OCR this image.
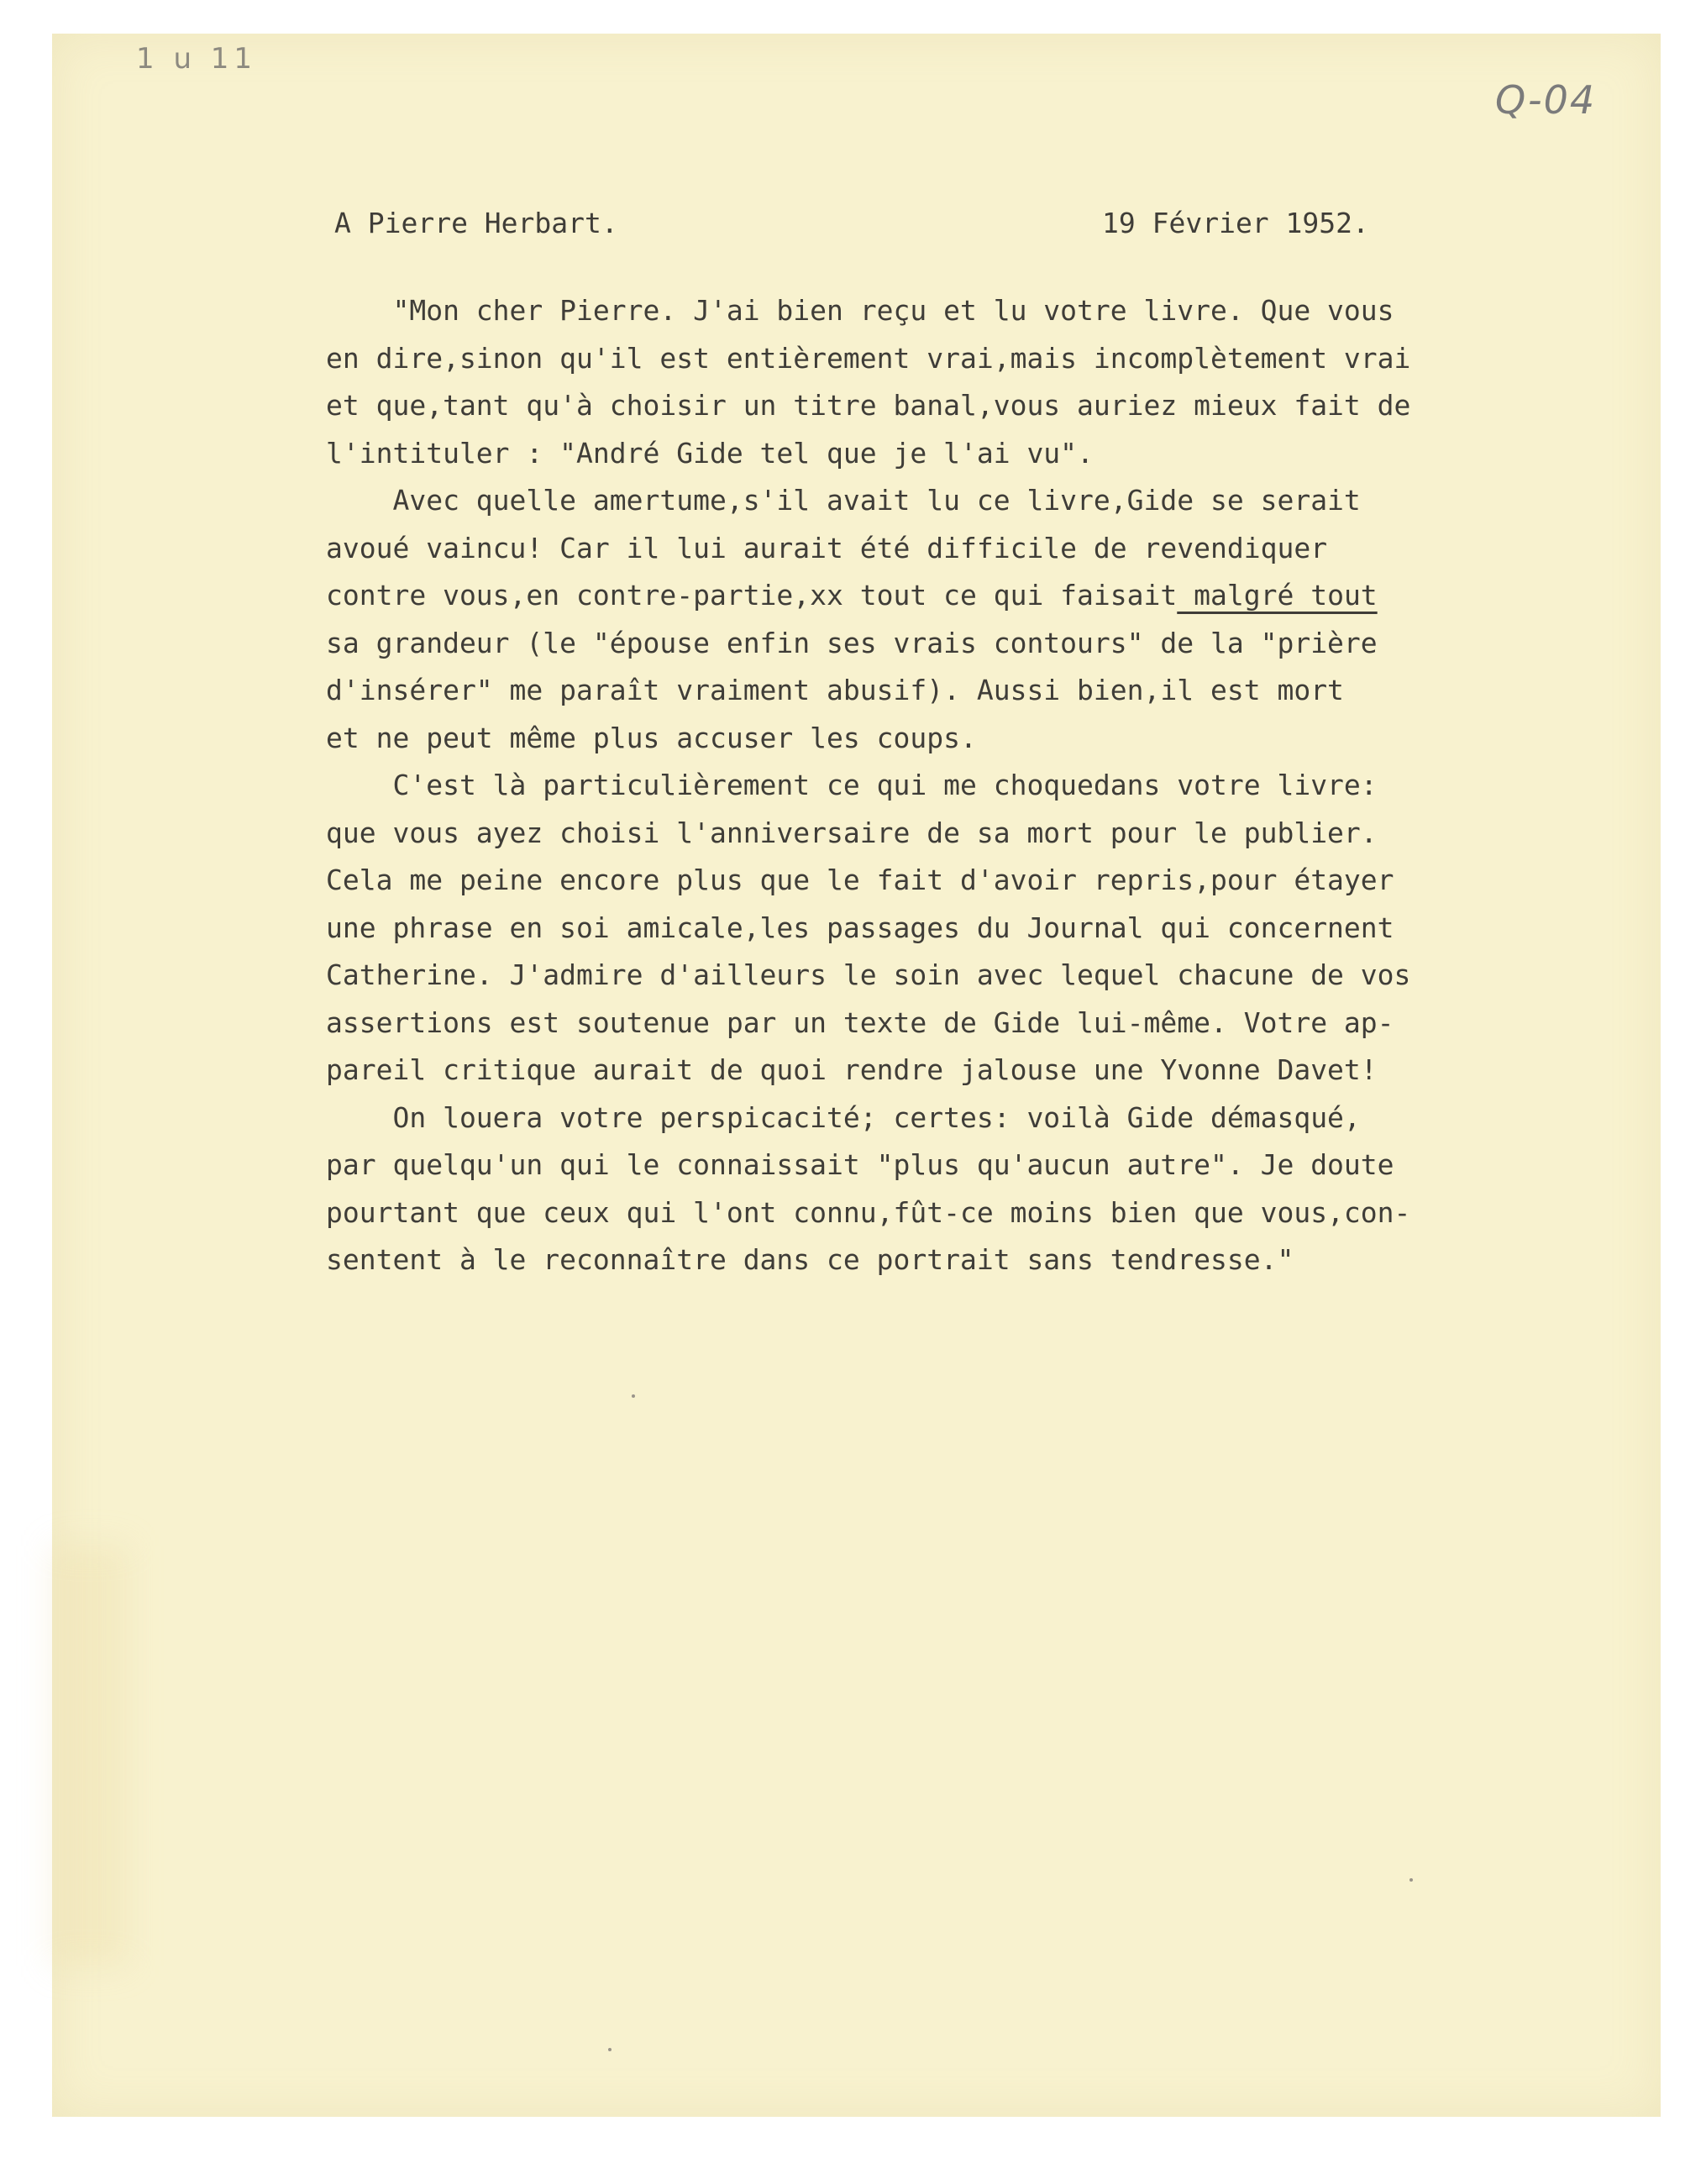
1 u 11
Q-04
A Pierre Herbart.	19 Février 1952.
"Mon cher Pierre. J'ai bien reçu et lu votre livre. Que vous
en dire,sinon qu'il est entièrement vrai,mais incomplètement vrai
et que,tant qu'à choisir un titre banal,vous auriez mieux fait de
l'intituler : "André Gide tel que je l'ai vu".
Avec quelle amertume,s'il avait lu ce livre,Gide se serait
avoué vaincu! Car il lui aurait été difficile de revendiquer
contre vous,en contre-partie,xx tout ce qui faisait malgré tout
sa grandeur (le "épouse enfin ses vrais contours" de la "prière
d'insérer" me paraît vraiment abusif). Aussi bien,il est mort
et ne peut même plus accuser les coups.
C'est là particulièrement ce qui me choquedans votre livre:
que vous ayez choisi l'anniversaire de sa mort pour le publier.
Cela me peine encore plus que le fait d'avoir repris,pour étayer
une phrase en soi amicale,les passages du Journal qui concernent
Catherine. J'admire d'ailleurs le soin avec lequel chacune de vos
assertions est soutenue par un texte de Gide lui-même. Votre ap-
pareil critique aurait de quoi rendre jalouse une Yvonne Davet!
On louera votre perspicacité; certes: voilà Gide démasqué,
par quelqu'un qui le connaissait "plus qu'aucun autre". Je doute
pourtant que ceux qui l'ont connu,fût-ce moins bien que vous,con-
sentent à le reconnaître dans ce portrait sans tendresse."
